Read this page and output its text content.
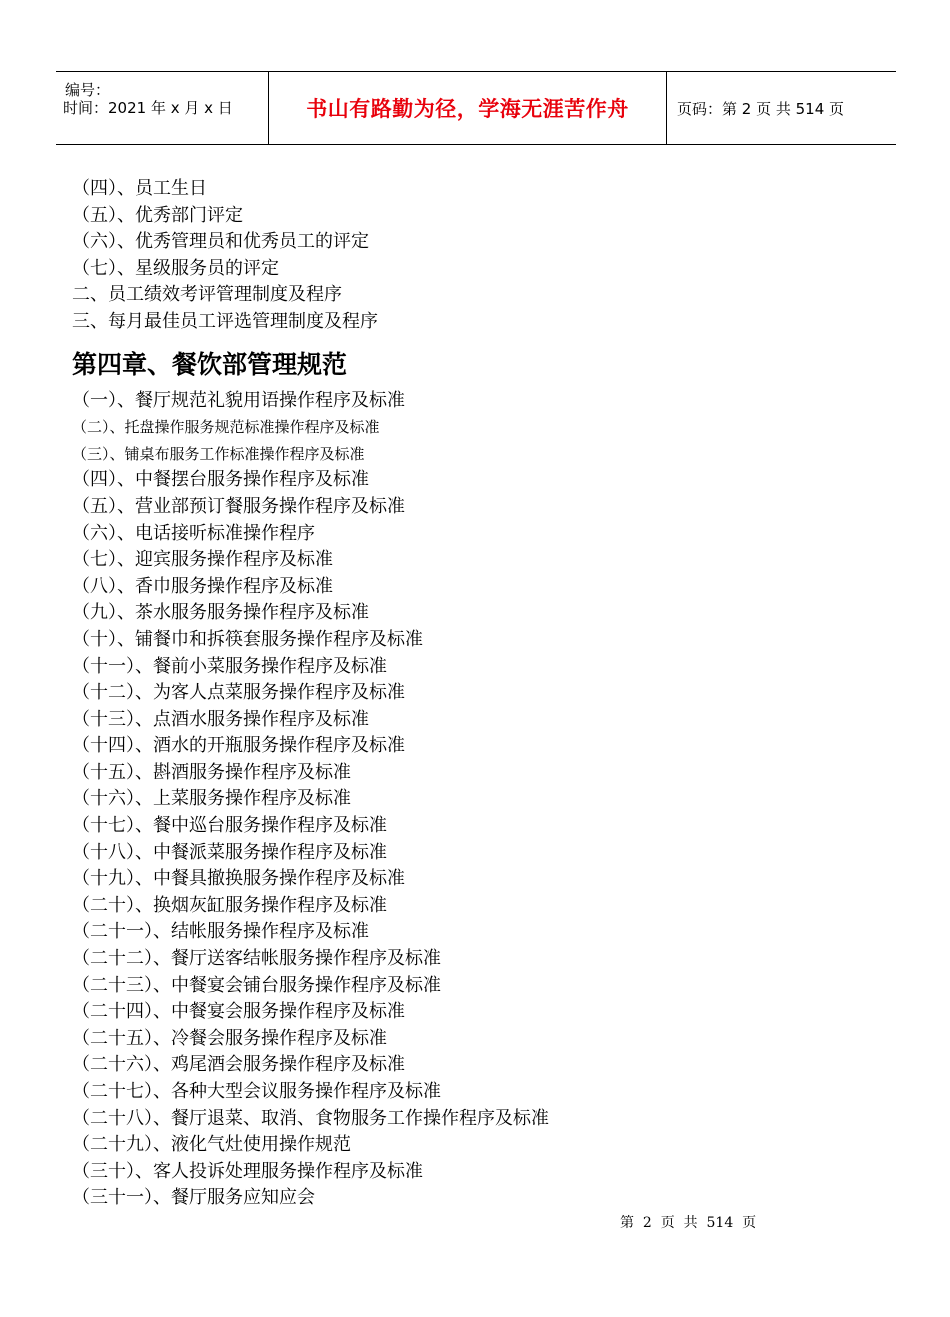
编号：
时间：2021 年 x 月 x 日	书山有路勤为径，学海无涯苦作舟	页码：第 2 页 共 514 页
（四）、员工生日
（五）、优秀部门评定
（六）、优秀管理员和优秀员工的评定
（七）、星级服务员的评定
二、员工绩效考评管理制度及程序
三、每月最佳员工评选管理制度及程序
第四章、餐饮部管理规范
（一）、餐厅规范礼貌用语操作程序及标准
（二）、托盘操作服务规范标准操作程序及标准
（三）、铺桌布服务工作标准操作程序及标准
（四）、中餐摆台服务操作程序及标准
（五）、营业部预订餐服务操作程序及标准
（六）、电话接听标准操作程序
（七）、迎宾服务操作程序及标准
（八）、香巾服务操作程序及标准
（九）、茶水服务服务操作程序及标准
（十）、铺餐巾和拆筷套服务操作程序及标准
（十一）、餐前小菜服务操作程序及标准
（十二）、为客人点菜服务操作程序及标准
（十三）、点酒水服务操作程序及标准
（十四）、酒水的开瓶服务操作程序及标准
（十五）、斟酒服务操作程序及标准
（十六）、上菜服务操作程序及标准
（十七）、餐中巡台服务操作程序及标准
（十八）、中餐派菜服务操作程序及标准
（十九）、中餐具撤换服务操作程序及标准
（二十）、换烟灰缸服务操作程序及标准
（二十一）、结帐服务操作程序及标准
（二十二）、餐厅送客结帐服务操作程序及标准
（二十三）、中餐宴会铺台服务操作程序及标准
（二十四）、中餐宴会服务操作程序及标准
（二十五）、冷餐会服务操作程序及标准
（二十六）、鸡尾酒会服务操作程序及标准
（二十七）、各种大型会议服务操作程序及标准
（二十八）、餐厅退菜、取消、食物服务工作操作程序及标准
（二十九）、液化气灶使用操作规范
（三十）、客人投诉处理服务操作程序及标准
（三十一）、餐厅服务应知应会
第  2  页  共  514  页
